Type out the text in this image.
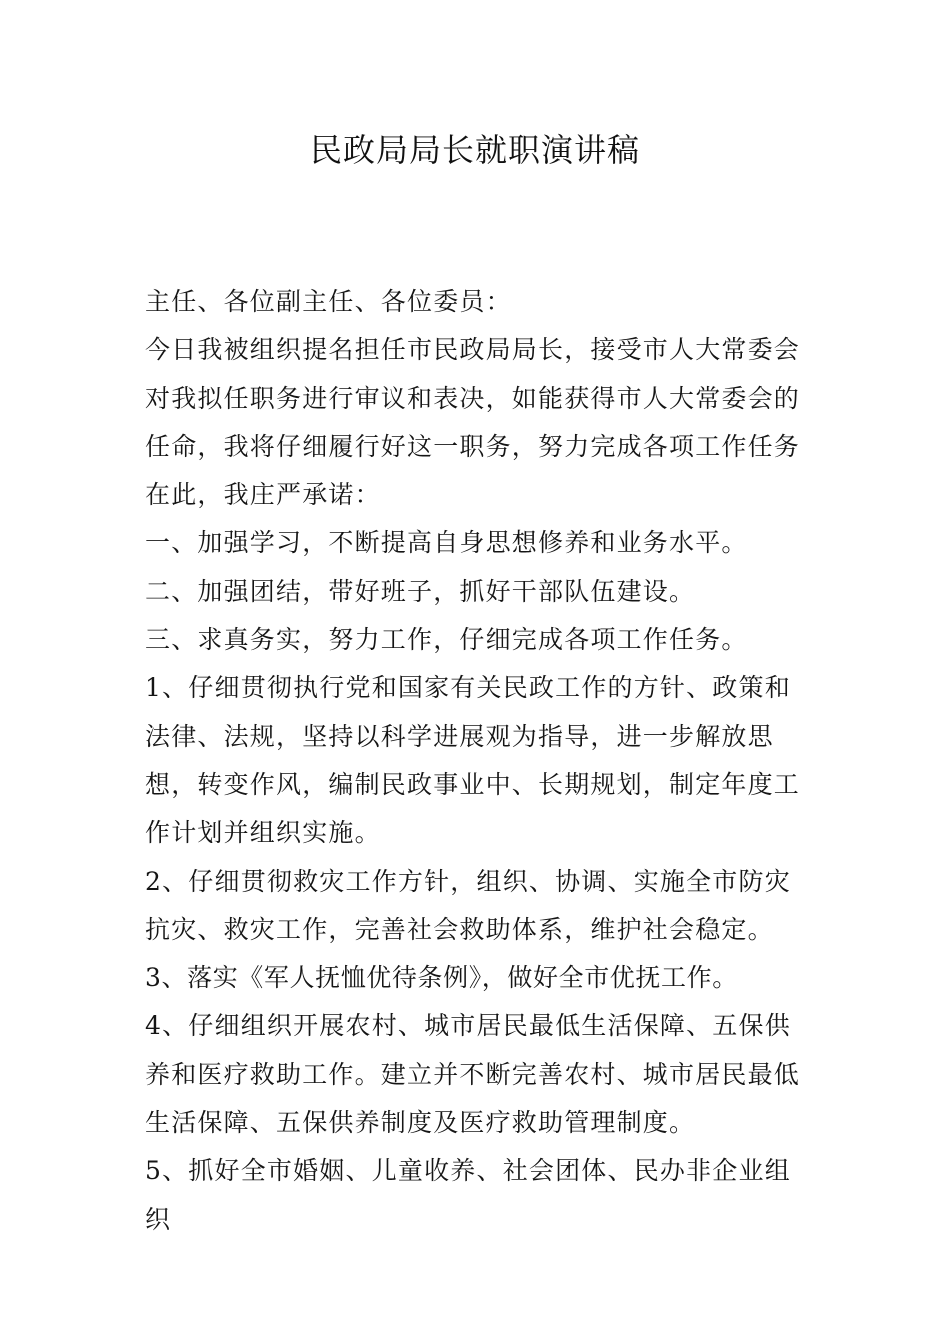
民政局局长就职演讲稿

主任、各位副主任、各位委员：

今日我被组织提名担任市民政局局长，接受市人大常委会对我拟任职务进行审议和表决，如能获得市人大常委会的任命，我将仔细履行好这一职务，努力完成各项工作任务在此，我庄严承诺：

一、加强学习，不断提高自身思想修养和业务水平。

二、加强团结，带好班子，抓好干部队伍建设。

三、求真务实，努力工作，仔细完成各项工作任务。

1、仔细贯彻执行党和国家有关民政工作的方针、政策和法律、法规，坚持以科学进展观为指导，进一步解放思想，转变作风，编制民政事业中、长期规划，制定年度工作计划并组织实施。

2、仔细贯彻救灾工作方针，组织、协调、实施全市防灾抗灾、救灾工作，完善社会救助体系，维护社会稳定。

3、落实《军人抚恤优待条例》，做好全市优抚工作。

4、仔细组织开展农村、城市居民最低生活保障、五保供养和医疗救助工作。建立并不断完善农村、城市居民最低生活保障、五保供养制度及医疗救助管理制度。

5、抓好全市婚姻、儿童收养、社会团体、民办非企业组织
